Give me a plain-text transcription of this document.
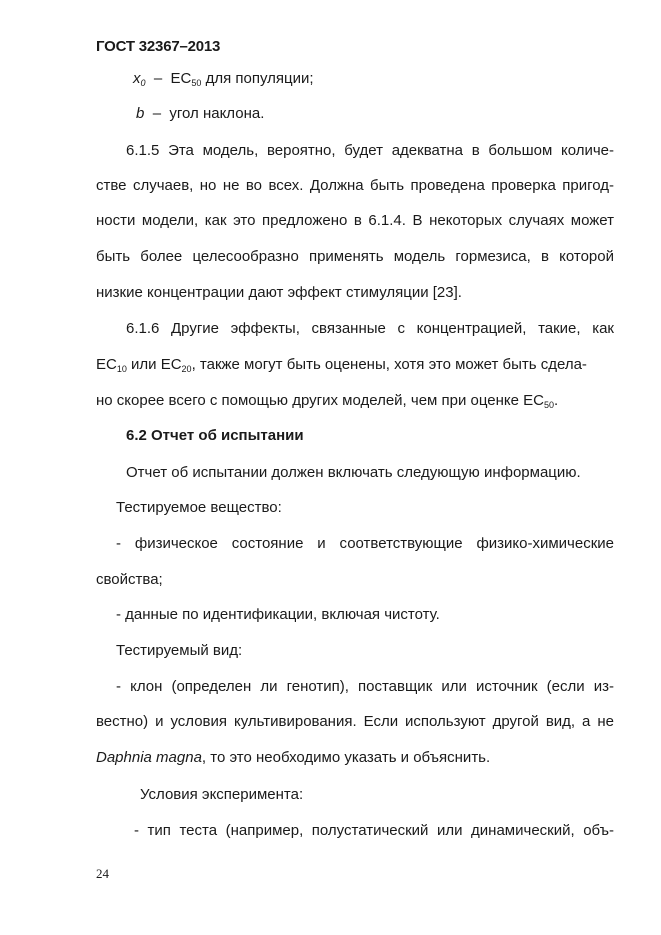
ГОСТ 32367–2013
$x_0 - EC_{50}$ для популяции;
b – угол наклона.
6.1.5 Эта модель, вероятно, будет адекватна в большом количе-
стве случаев, но не во всех. Должна быть проведена проверка пригод-
ности модели, как это предложено в 6.1.4. В некоторых случаях может
быть более целесообразно применять модель гормезиса, в которой
низкие концентрации дают эффект стимуляции [23].
6.1.6 Другие эффекты, связанные с концентрацией, такие, как
$EC_{10}$ или $EC_{20}$, также могут быть оценены, хотя это может быть сдела-
но скорее всего с помощью других моделей, чем при оценке $EC_{50}$.
6.2 Отчет об испытании
Отчет об испытании должен включать следующую информацию.
Тестируемое вещество:
- физическое состояние и соответствующие физико-химические
свойства;
- данные по идентификации, включая чистоту.
Тестируемый вид:
- клон (определен ли генотип), поставщик или источник (если из-
вестно) и условия культивирования. Если используют другой вид, а не
Daphnia magna, то это необходимо указать и объяснить.
Условия эксперимента:
- тип теста (например, полустатический или динамический, объ-
24
